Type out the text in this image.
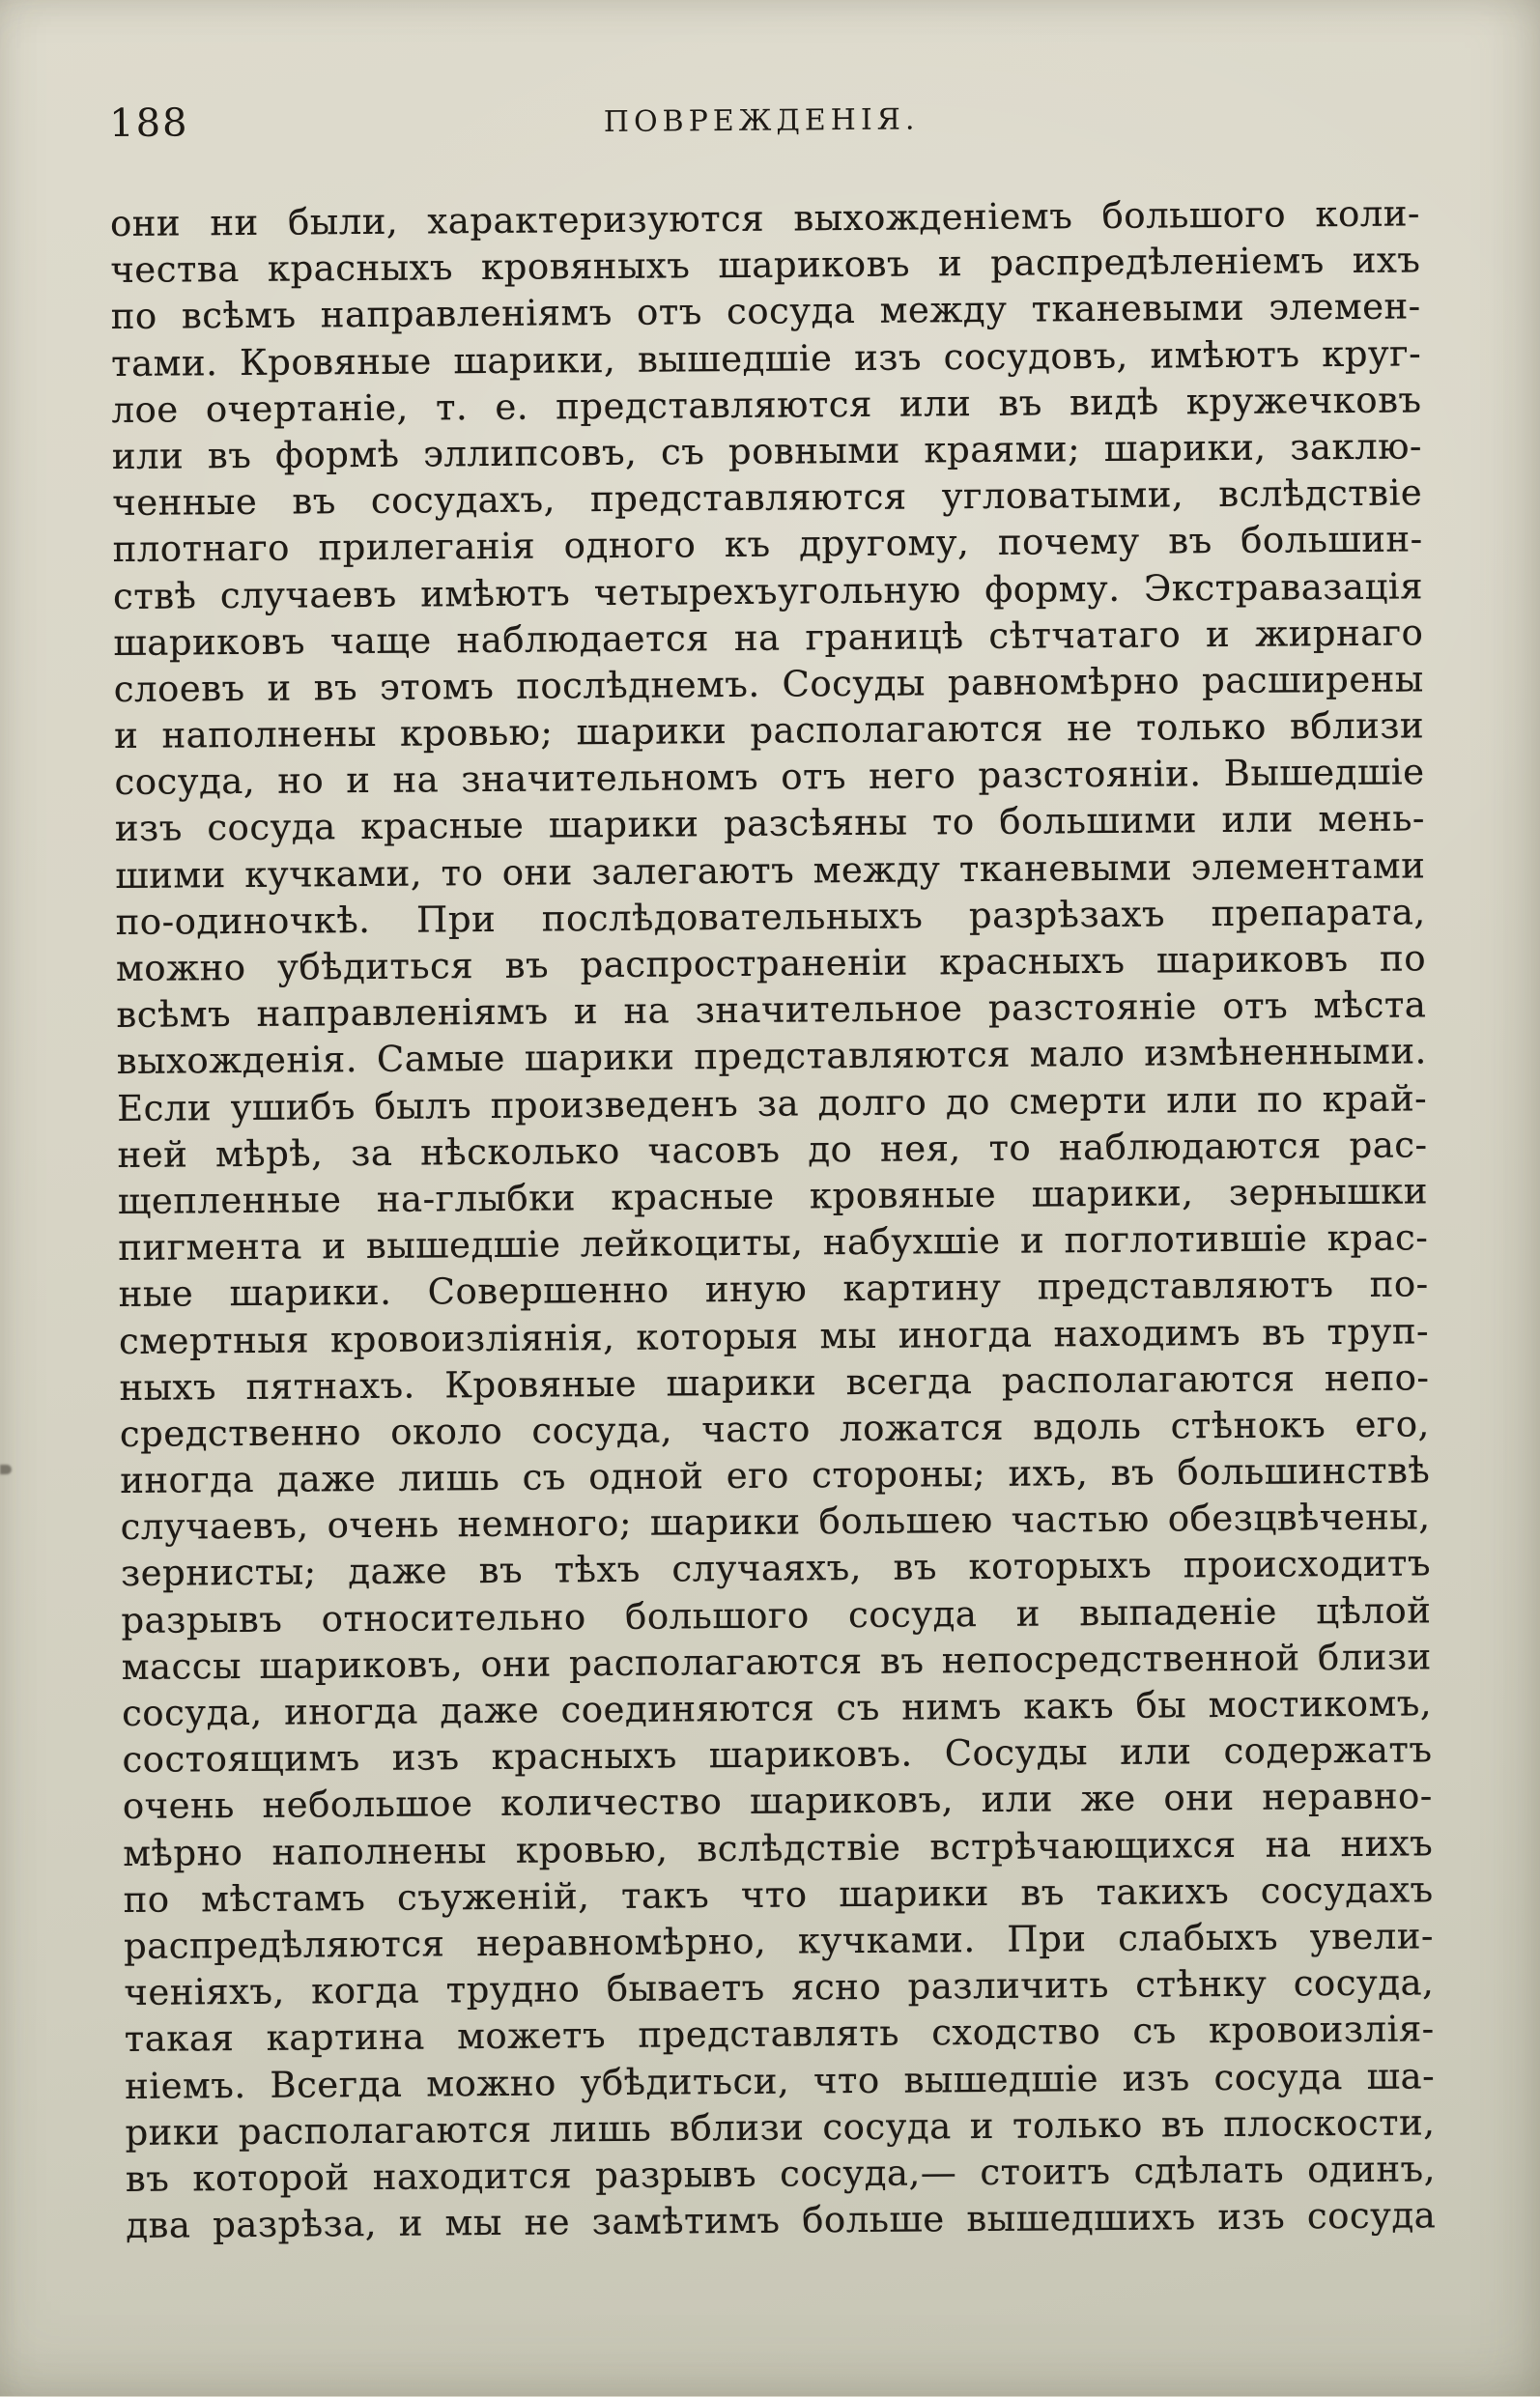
188	ПОВРЕЖДЕНІЯ.
они ни были, характеризуются выхожденіемъ большого коли-
чества красныхъ кровяныхъ шариковъ и распредѣленіемъ ихъ
по всѣмъ направленіямъ отъ сосуда между тканевыми элемен-
тами. Кровяные шарики, вышедшіе изъ сосудовъ, имѣютъ круг-
лое очертаніе, т. е. представляются или въ видѣ кружечковъ
или въ формѣ эллипсовъ, съ ровными краями; шарики, заклю-
ченные въ сосудахъ, представляются угловатыми, вслѣдствіе
плотнаго прилеганія одного къ другому, почему въ большин-
ствѣ случаевъ имѣютъ четырехъугольную форму. Экстравазація
шариковъ чаще наблюдается на границѣ сѣтчатаго и жирнаго
слоевъ и въ этомъ послѣднемъ. Сосуды равномѣрно расширены
и наполнены кровью; шарики располагаются не только вблизи
сосуда, но и на значительномъ отъ него разстояніи. Вышедшіе
изъ сосуда красные шарики разсѣяны то большими или мень-
шими кучками, то они залегаютъ между тканевыми элементами
по-одиночкѣ. При послѣдовательныхъ разрѣзахъ препарата,
можно убѣдиться въ распространеніи красныхъ шариковъ по
всѣмъ направленіямъ и на значительное разстояніе отъ мѣста
выхожденія. Самые шарики представляются мало измѣненными.
Если ушибъ былъ произведенъ за долго до смерти или по край-
ней мѣрѣ, за нѣсколько часовъ до нея, то наблюдаются рас-
щепленные на-глыбки красные кровяные шарики, зернышки
пигмента и вышедшіе лейкоциты, набухшіе и поглотившіе крас-
ные шарики. Совершенно иную картину представляютъ по-
смертныя кровоизліянія, которыя мы иногда находимъ въ труп-
ныхъ пятнахъ. Кровяные шарики всегда располагаются непо-
средственно около сосуда, часто ложатся вдоль стѣнокъ его,
иногда даже лишь съ одной его стороны; ихъ, въ большинствѣ
случаевъ, очень немного; шарики большею частью обезцвѣчены,
зернисты; даже въ тѣхъ случаяхъ, въ которыхъ происходитъ
разрывъ относительно большого сосуда и выпаденіе цѣлой
массы шариковъ, они располагаются въ непосредственной близи
сосуда, иногда даже соединяются съ нимъ какъ бы мостикомъ,
состоящимъ изъ красныхъ шариковъ. Сосуды или содержатъ
очень небольшое количество шариковъ, или же они неравно-
мѣрно наполнены кровью, вслѣдствіе встрѣчающихся на нихъ
по мѣстамъ съуженій, такъ что шарики въ такихъ сосудахъ
распредѣляются неравномѣрно, кучками. При слабыхъ увели-
ченіяхъ, когда трудно бываетъ ясно различить стѣнку сосуда,
такая картина можетъ представлять сходство съ кровоизлія-
ніемъ. Всегда можно убѣдитьси, что вышедшіе изъ сосуда ша-
рики располагаются лишь вблизи сосуда и только въ плоскости,
въ которой находится разрывъ сосуда,— стоитъ сдѣлать одинъ,
два разрѣза, и мы не замѣтимъ больше вышедшихъ изъ сосуда
